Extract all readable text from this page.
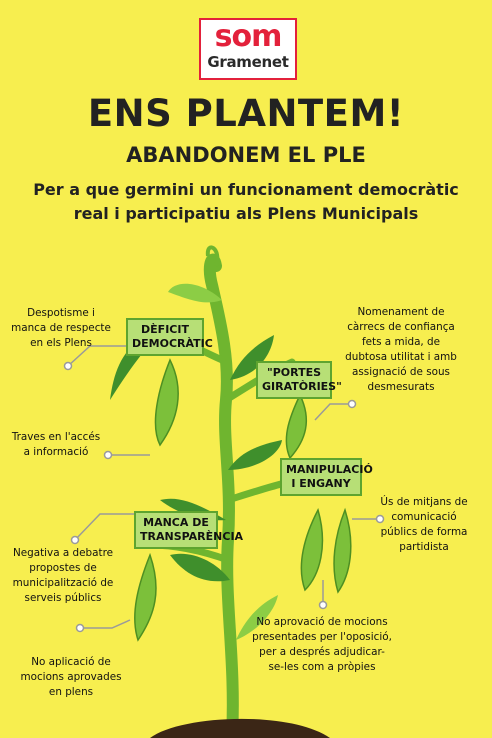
som
Gramenet
ENS PLANTEM!
ABANDONEM EL PLE
Per a que germini un funcionament democràtic
real i participatiu als Plens Municipals
DÈFICIT
DEMOCRÀTIC
"PORTES
GIRATÒRIES"
MANIPULACIÓ
I ENGANY
MANCA DE
TRANSPARÈNCIA
Despotisme i
manca de respecte
en els Plens
Traves en l'accés
a informació
Negativa a debatre
propostes de
municipalització de
serveis públics
No aplicació de
mocions aprovades
en plens
Nomenament de
càrrecs de confiança
fets a mida, de
dubtosa utilitat i amb
assignació de sous
desmesurats
Ús de mitjans de
comunicació
públics de forma
partidista
No aprovació de mocions
presentades per l'oposició,
per a després adjudicar-
se-les com a pròpies
